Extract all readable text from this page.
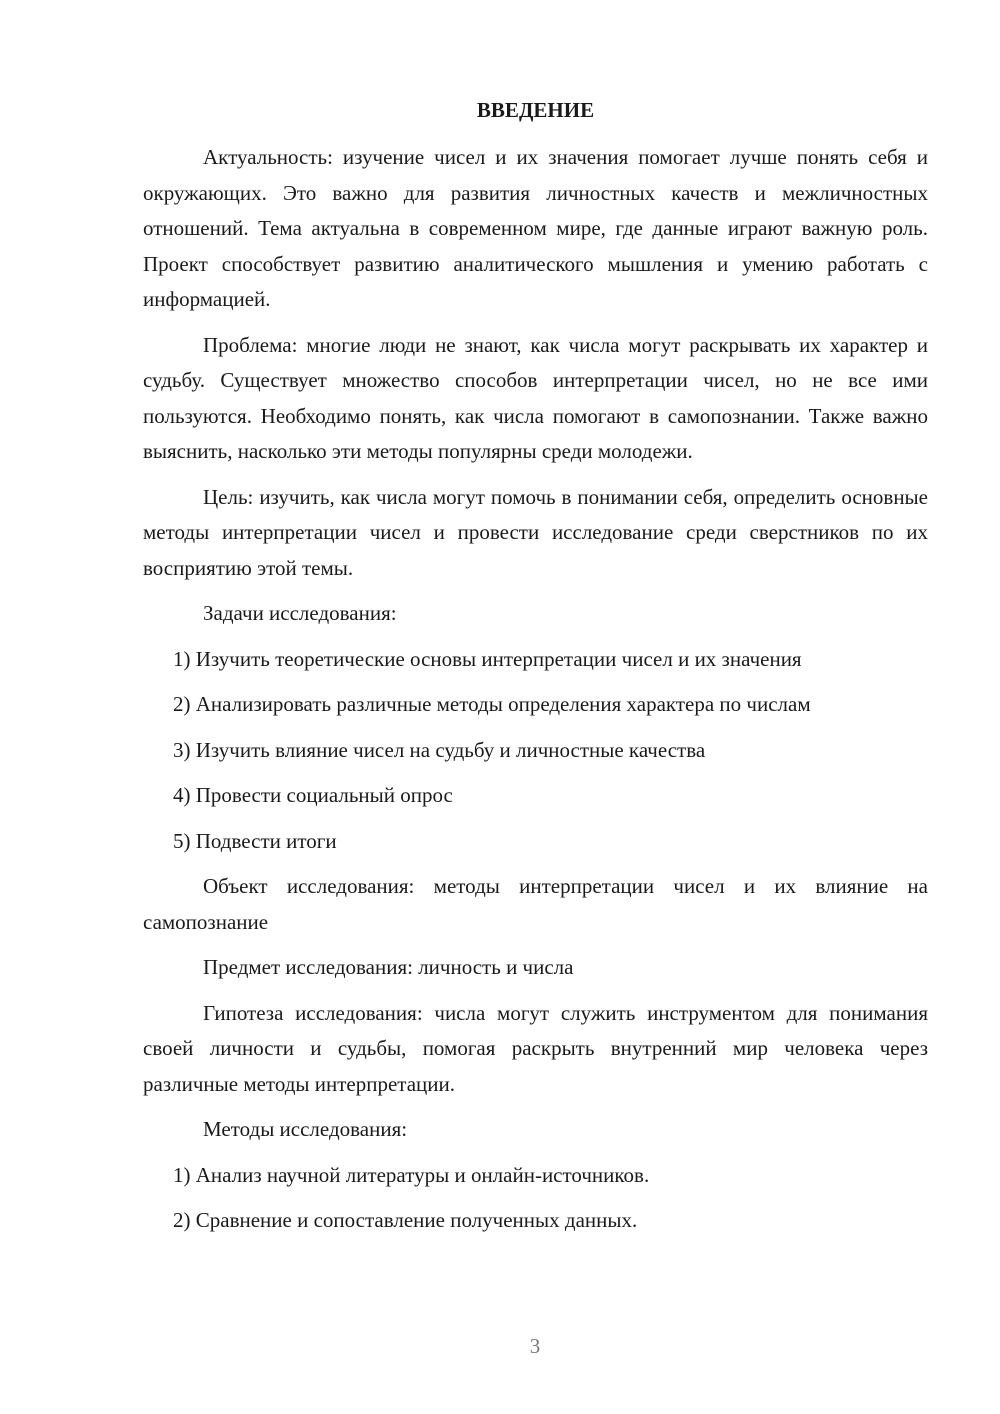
ВВЕДЕНИЕ

Актуальность: изучение чисел и их значения помогает лучше понять себя и окружающих. Это важно для развития личностных качеств и межличностных отношений. Тема актуальна в современном мире, где данные играют важную роль. Проект способствует развитию аналитического мышления и умению работать с информацией.

Проблема: многие люди не знают, как числа могут раскрывать их характер и судьбу. Существует множество способов интерпретации чисел, но не все ими пользуются. Необходимо понять, как числа помогают в самопознании. Также важно выяснить, насколько эти методы популярны среди молодежи.

Цель: изучить, как числа могут помочь в понимании себя, определить основные методы интерпретации чисел и провести исследование среди сверстников по их восприятию этой темы.

Задачи исследования:

1) Изучить теоретические основы интерпретации чисел и их значения

2) Анализировать различные методы определения характера по числам

3) Изучить влияние чисел на судьбу и личностные качества

4) Провести социальный опрос

5) Подвести итоги

Объект исследования: методы интерпретации чисел и их влияние на самопознание

Предмет исследования: личность и числа

Гипотеза исследования: числа могут служить инструментом для понимания своей личности и судьбы, помогая раскрыть внутренний мир человека через различные методы интерпретации.

Методы исследования:

1) Анализ научной литературы и онлайн-источников.

2) Сравнение и сопоставление полученных данных.

3
